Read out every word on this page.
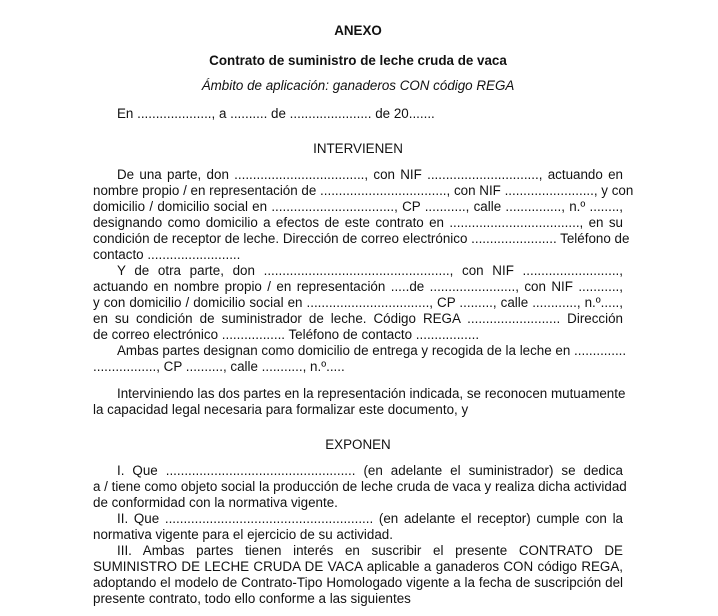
ANEXO
Contrato de suministro de leche cruda de vaca
Ámbito de aplicación: ganaderos CON código REGA
En ...................., a .......... de ...................... de 20.......
INTERVIENEN
De una parte, don ..................................., con NIF .............................., actuando en
nombre propio / en representación de .................................., con NIF ........................, y con
domicilio / domicilio social en ................................., CP ..........., calle ..............., n.º ........,
designando como domicilio a efectos de este contrato en ..................................., en su
condición de receptor de leche. Dirección de correo electrónico ....................... Teléfono de
contacto .........................
Y de otra parte, don .................................................., con NIF ..........................,
actuando en nombre propio / en representación .....de ......................., con NIF ...........,
y con domicilio / domicilio social en ................................., CP ........., calle ............, n.º.....,
en su condición de suministrador de leche. Código REGA ......................... Dirección
de correo electrónico ................. Teléfono de contacto .................
Ambas partes designan como domicilio de entrega y recogida de la leche en ..............
................., CP .........., calle ..........., n.º.....
Interviniendo las dos partes en la representación indicada, se reconocen mutuamente
la capacidad legal necesaria para formalizar este documento, y
EXPONEN
I. Que ................................................... (en adelante el suministrador) se dedica
a / tiene como objeto social la producción de leche cruda de vaca y realiza dicha actividad
de conformidad con la normativa vigente.
II. Que ........................................................ (en adelante el receptor) cumple con la
normativa vigente para el ejercicio de su actividad.
III. Ambas partes tienen interés en suscribir el presente CONTRATO DE
SUMINISTRO DE LECHE CRUDA DE VACA aplicable a ganaderos CON código REGA,
adoptando el modelo de Contrato-Tipo Homologado vigente a la fecha de suscripción del
presente contrato, todo ello conforme a las siguientes
